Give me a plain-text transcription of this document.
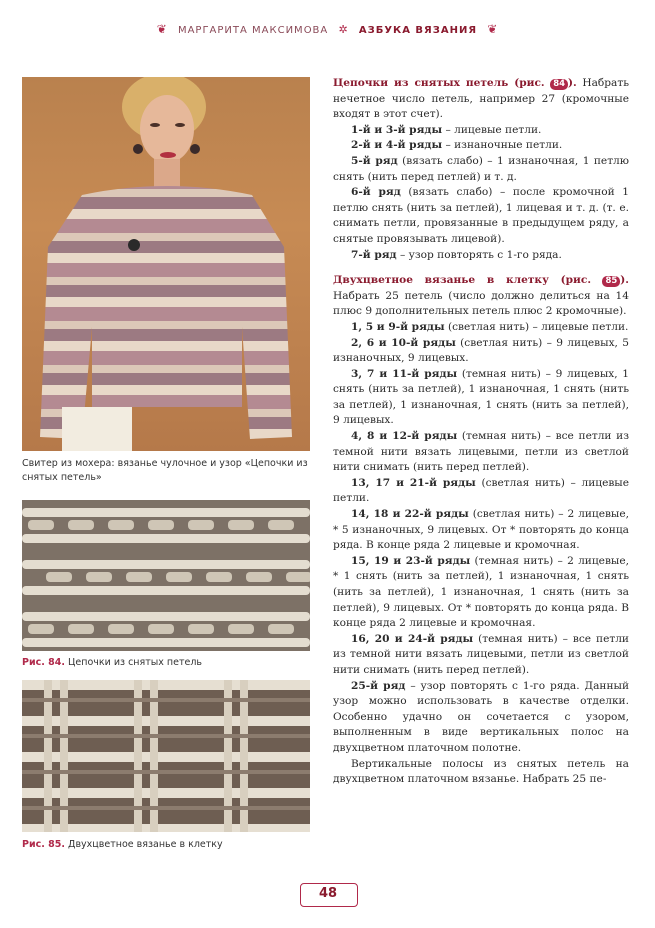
❦ МАРГАРИТА МАКСИМОВА ✲ АЗБУКА ВЯЗАНИЯ ❦
Свитер из мохера: вязанье чулочное и узор «Цепочки из снятых петель»
Рис. 84. Цепочки из снятых петель
Рис. 85. Двухцветное вязанье в клетку

Цепочки из снятых петель (рис. 84 ). Набрать нечетное число петель, например 27 (кромочные входят в этот счет).

1-й и 3-й ряды – лицевые петли.

2-й и 4-й ряды – изнаночные петли.

5-й ряд (вязать слабо) – 1 изнаночная, 1 петлю снять (нить перед петлей) и т. д.

6-й ряд (вязать слабо) – после кромочной 1 петлю снять (нить за петлей), 1 лицевая и т. д. (т. е. снимать петли, провязанные в предыдущем ряду, а снятые провязывать лицевой).

7-й ряд – узор повторять с 1-го ряда.

Двухцветное вязанье в клетку (рис. 85 ). Набрать 25 петель (число должно делиться на 14 плюс 9 дополнительных петель плюс 2 кромочные).

1, 5 и 9-й ряды (светлая нить) – лицевые петли.

2, 6 и 10-й ряды (светлая нить) – 9 лицевых, 5 изнаночных, 9 лицевых.

3, 7 и 11-й ряды (темная нить) – 9 лицевых, 1 снять (нить за петлей), 1 изнаночная, 1 снять (нить за петлей), 1 изнаночная, 1 снять (нить за петлей), 9 лицевых.

4, 8 и 12-й ряды (темная нить) – все петли из темной нити вязать лицевыми, петли из светлой нити снимать (нить перед петлей).

13, 17 и 21-й ряды (светлая нить) – лицевые петли.

14, 18 и 22-й ряды (светлая нить) – 2 лицевые, * 5 изнаночных, 9 лицевых. От * повторять до конца ряда. В конце ряда 2 лицевые и кромочная.

15, 19 и 23-й ряды (темная нить) – 2 лицевые, * 1 снять (нить за петлей), 1 изнаночная, 1 снять (нить за петлей), 1 изнаночная, 1 снять (нить за петлей), 9 лицевых. От * повторять до конца ряда. В конце ряда 2 лицевые и кромочная.

16, 20 и 24-й ряды (темная нить) – все петли из темной нити вязать лицевыми, петли из светлой нити снимать (нить перед петлей).

25-й ряд – узор повторять с 1-го ряда. Данный узор можно использовать в качестве отделки. Особенно удачно он сочетается с узором, выполненным в виде вертикальных полос на двухцветном платочном полотне.

Вертикальные полосы из снятых петель на двухцветном платочном вязанье. Набрать 25 пе-

48
